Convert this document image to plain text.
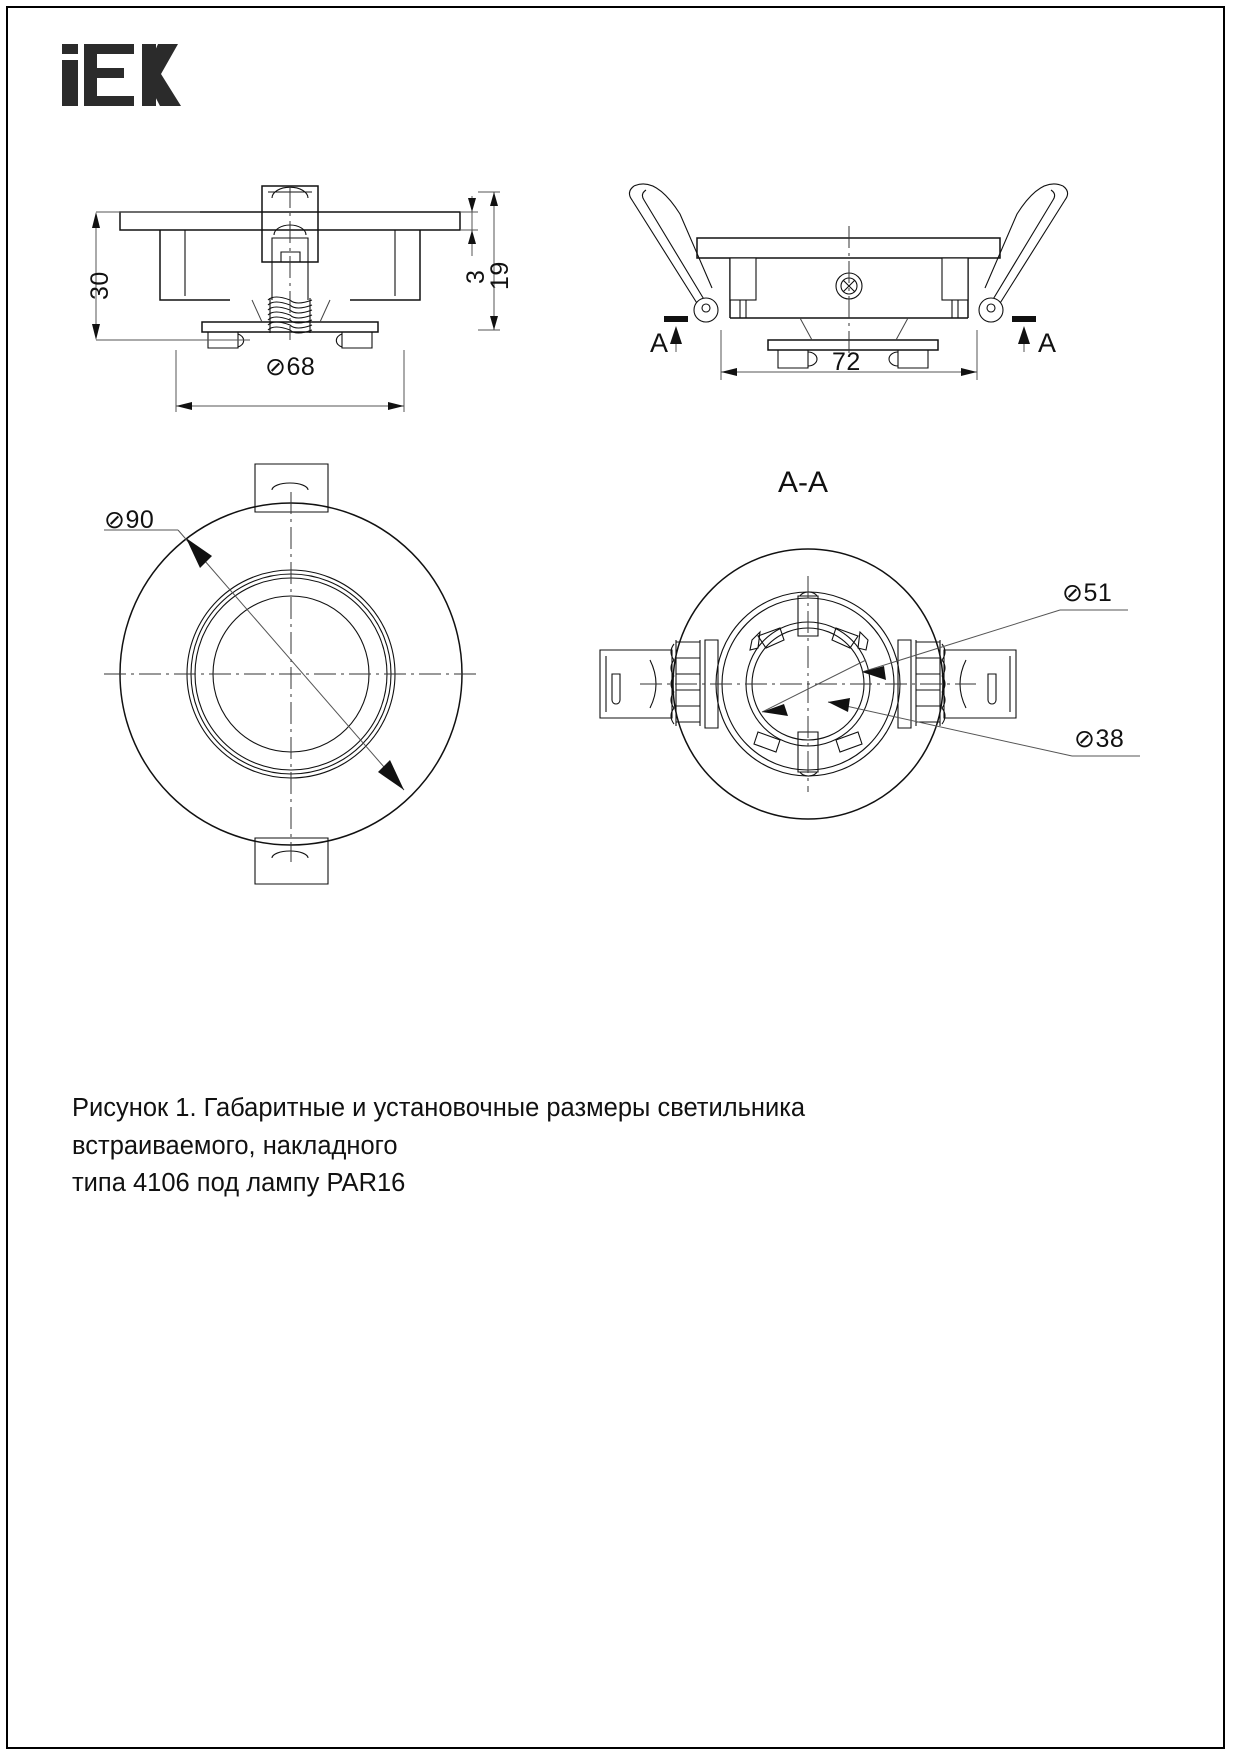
30	3
19
⊘68
A	A
72
⊘90
A-A
⊘51
⊘38
Рисунок 1. Габаритные и установочные размеры светильника встраиваемого, накладного
типа 4106 под лампу PAR16
